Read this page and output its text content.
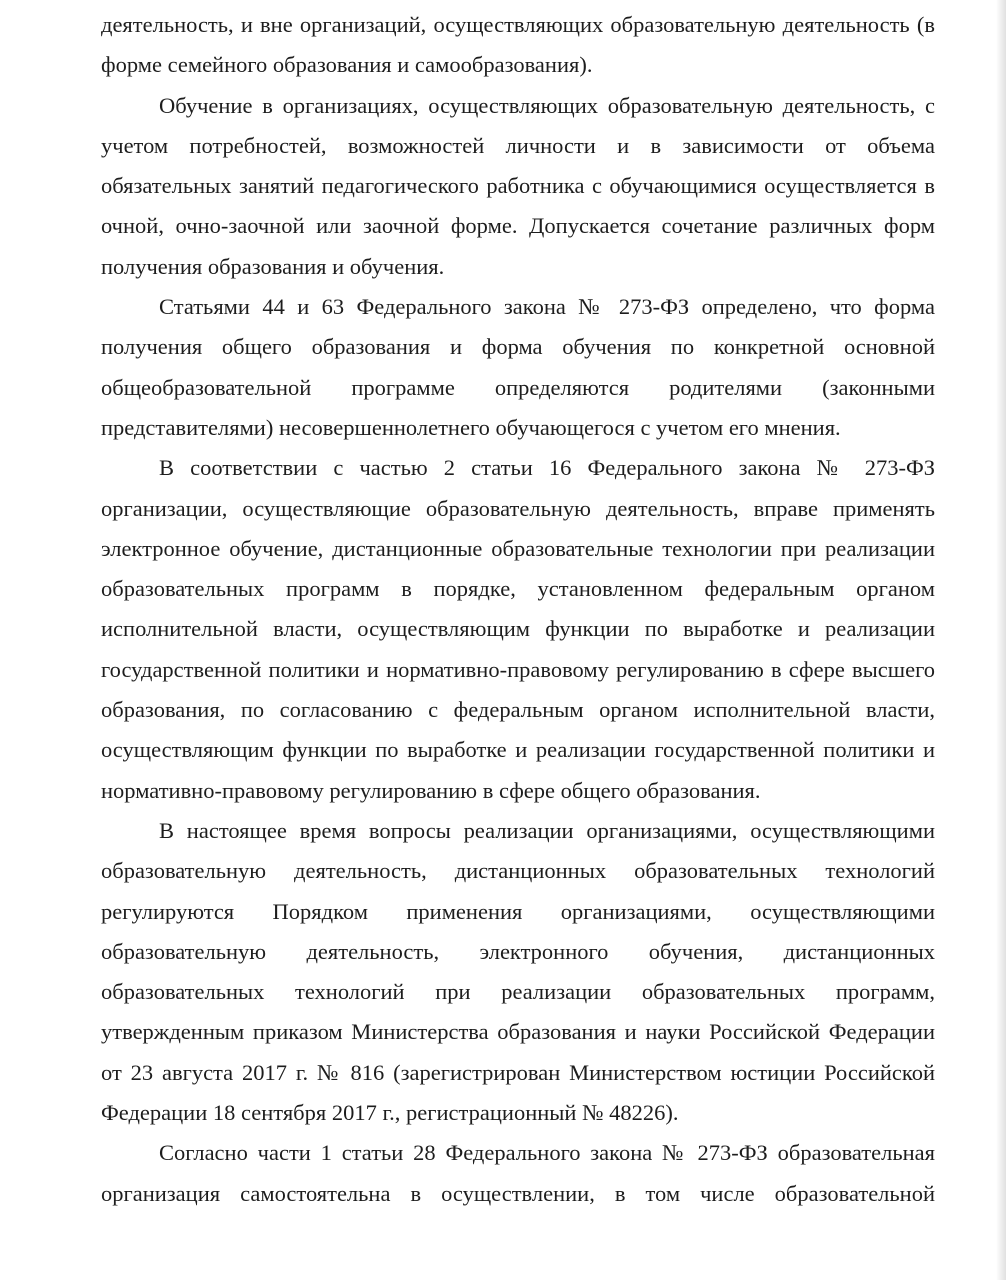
деятельность, и вне организаций, осуществляющих образовательную деятельность (в форме семейного образования и самообразования).

Обучение в организациях, осуществляющих образовательную деятельность, с учетом потребностей, возможностей личности и в зависимости от объема обязательных занятий педагогического работника с обучающимися осуществляется в очной, очно-заочной или заочной форме. Допускается сочетание различных форм получения образования и обучения.

Статьями 44 и 63 Федерального закона № 273-ФЗ определено, что форма получения общего образования и форма обучения по конкретной основной общеобразовательной программе определяются родителями (законными представителями) несовершеннолетнего обучающегося с учетом его мнения.

В соответствии с частью 2 статьи 16 Федерального закона № 273-ФЗ организации, осуществляющие образовательную деятельность, вправе применять электронное обучение, дистанционные образовательные технологии при реализации образовательных программ в порядке, установленном федеральным органом исполнительной власти, осуществляющим функции по выработке и реализации государственной политики и нормативно-правовому регулированию в сфере высшего образования, по согласованию с федеральным органом исполнительной власти, осуществляющим функции по выработке и реализации государственной политики и нормативно-правовому регулированию в сфере общего образования.

В настоящее время вопросы реализации организациями, осуществляющими образовательную деятельность, дистанционных образовательных технологий регулируются Порядком применения организациями, осуществляющими образовательную деятельность, электронного обучения, дистанционных образовательных технологий при реализации образовательных программ, утвержденным приказом Министерства образования и науки Российской Федерации от 23 августа 2017 г. № 816 (зарегистрирован Министерством юстиции Российской Федерации 18 сентября 2017 г., регистрационный № 48226).

Согласно части 1 статьи 28 Федерального закона № 273-ФЗ образовательная организация самостоятельна в осуществлении, в том числе образовательной
